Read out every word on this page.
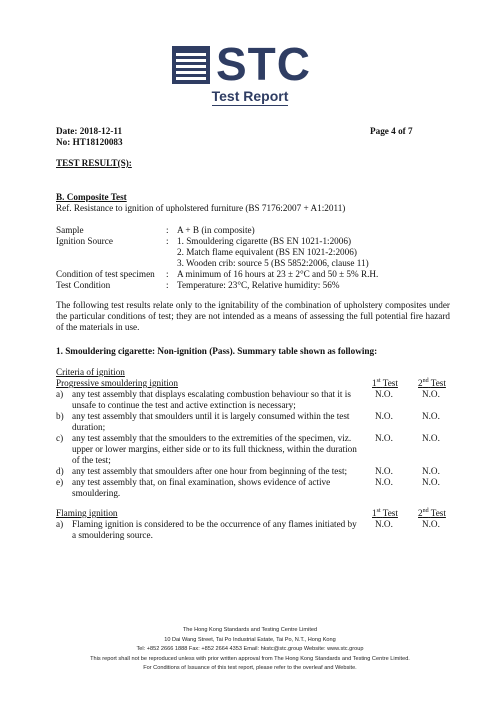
STC
Test Report
Date: 2018-12-11
No: HT18120083
Page 4 of 7
TEST RESULT(S):
B. Composite Test
Ref. Resistance to ignition of upholstered furniture (BS 7176:2007 + A1:2011)
Sample	: A + B (in composite)
Ignition Source	: 1. Smouldering cigarette (BS EN 1021-1:2006)
2. Match flame equivalent (BS EN 1021-2:2006)
3. Wooden crib: source 5 (BS 5852:2006, clause 11)
Condition of test specimen : A minimum of 16 hours at 23 ± 2°C and 50 ± 5% R.H.
Test Condition	: Temperature: 23°C, Relative humidity: 56%
The following test results relate only to the ignitability of the combination of upholstery composites under the particular conditions of test; they are not intended as a means of assessing the full potential fire hazard of the materials in use.
1. Smouldering cigarette: Non-ignition (Pass). Summary table shown as following:
Criteria of ignition
Progressive smouldering ignition	1st Test 2nd Test
a) any test assembly that displays escalating combustion behaviour so that it is
unsafe to continue the test and active extinction is necessary;
N.O.	N.O.
b) any test assembly that smoulders until it is largely consumed within the test
duration;
N.O.	N.O.
c) any test assembly that the smoulders to the extremities of the specimen, viz.
upper or lower margins, either side or to its full thickness, within the duration
of the test;
N.O.	N.O.
d) any test assembly that smoulders after one hour from beginning of the test;	N.O.	N.O.
e) any test assembly that, on final examination, shows evidence of active
smouldering.
N.O.	N.O.
Flaming ignition	1st Test 2nd Test
a) Flaming ignition is considered to be the occurrence of any flames initiated by
a smouldering source.
N.O.	N.O.
The Hong Kong Standards and Testing Centre Limited
10 Dai Wang Street, Tai Po Industrial Estate, Tai Po, N.T., Hong Kong
Tel: +852 2666 1888 Fax: +852 2664 4353 Email: hkstc@stc.group Website: www.stc.group
This report shall not be reproduced unless with prior written approval from The Hong Kong Standards and Testing Centre Limited.
For Conditions of Issuance of this test report, please refer to the overleaf and Website.
